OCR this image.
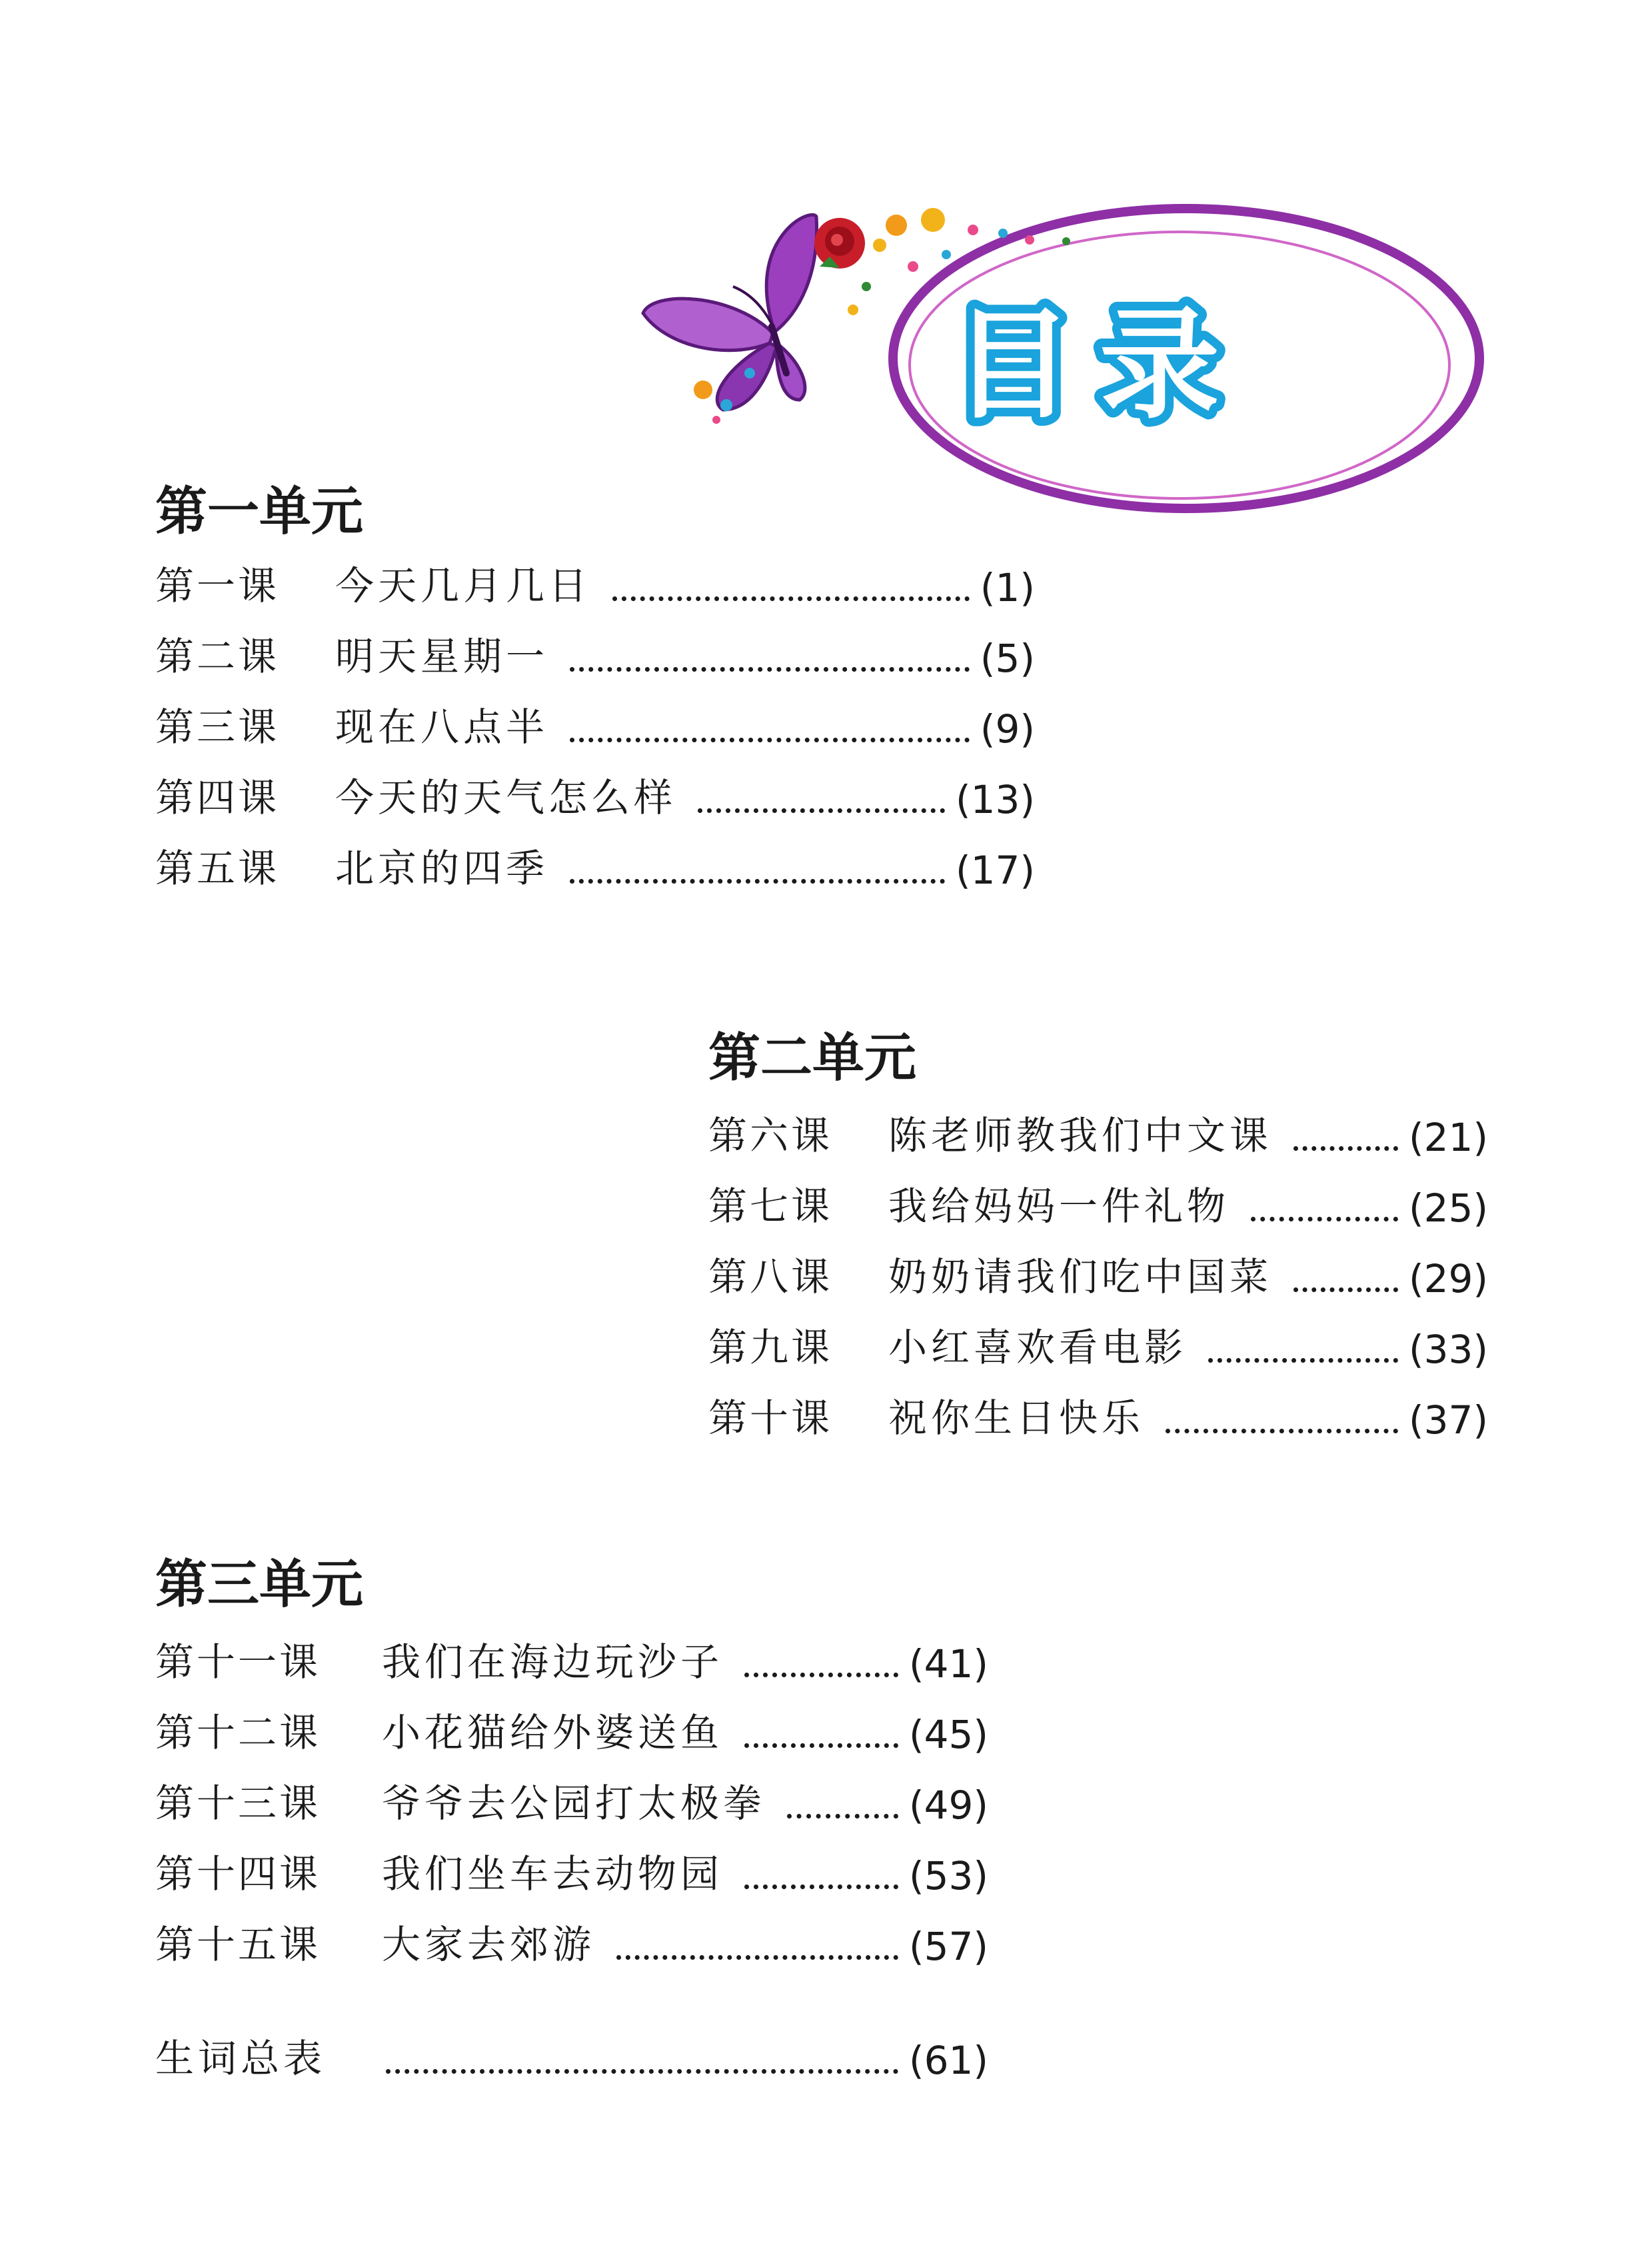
目录
第一单元
第一课	今天几月几日	(1)
第二课	明天星期一	(5)
第三课	现在八点半	(9)
第四课	今天的天气怎么样	(13)
第五课	北京的四季	(17)
第二单元
第六课	陈老师教我们中文课	(21)
第七课	我给妈妈一件礼物	(25)
第八课	奶奶请我们吃中国菜	(29)
第九课	小红喜欢看电影	(33)
第十课	祝你生日快乐	(37)
第三单元
第十一课	我们在海边玩沙子	(41)
第十二课	小花猫给外婆送鱼	(45)
第十三课	爷爷去公园打太极拳	(49)
第十四课	我们坐车去动物园	(53)
第十五课	大家去郊游	(57)
生词总表	(61)
